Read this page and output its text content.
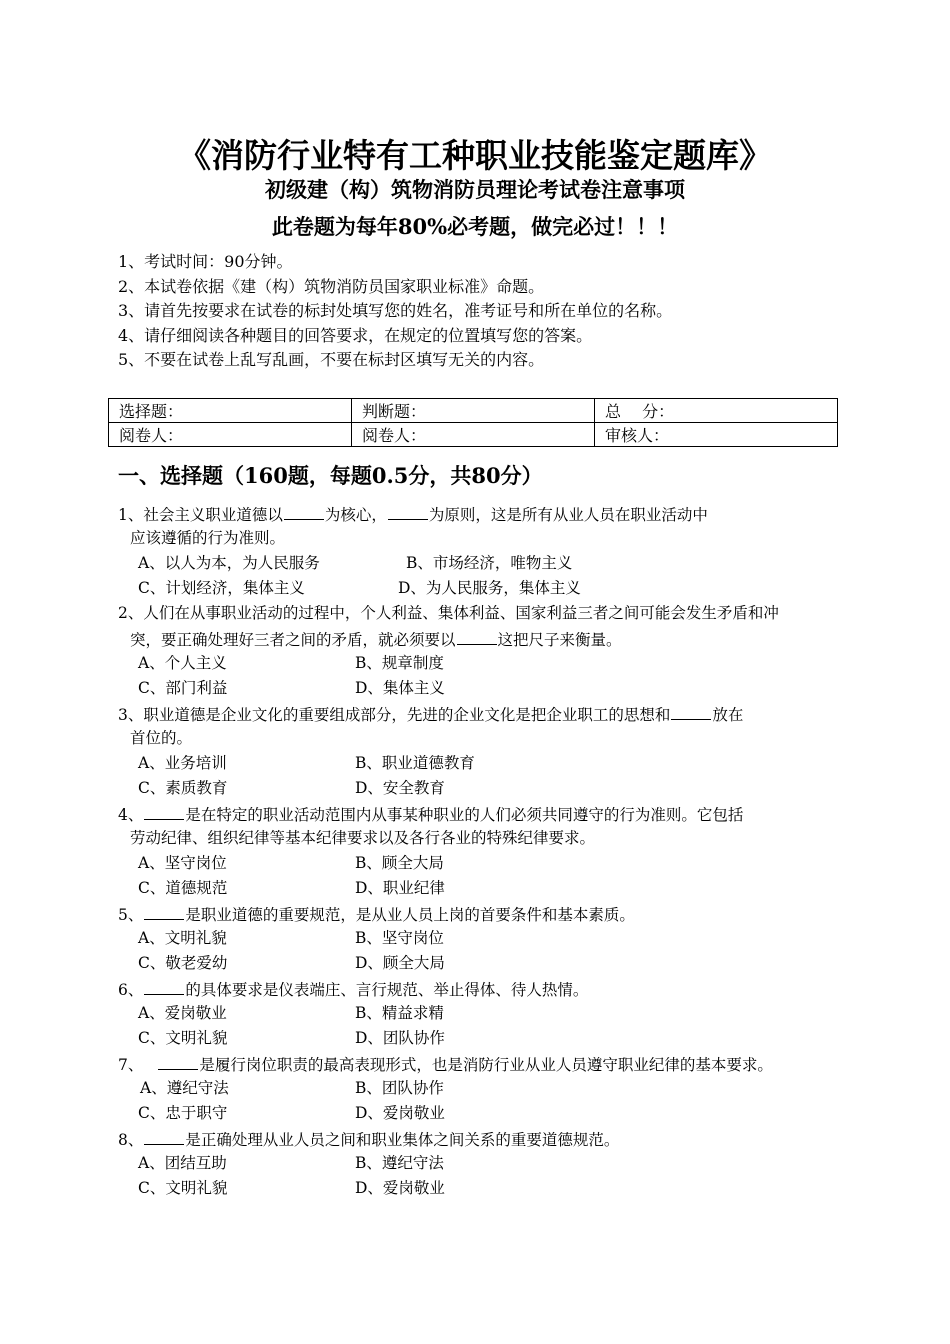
《消防行业特有工种职业技能鉴定题库》
初级建（构）筑物消防员理论考试卷注意事项
此卷题为每年80%必考题，做完必过！！！
1、考试时间：90分钟。
2、本试卷依据《建（构）筑物消防员国家职业标准》命题。
3、请首先按要求在试卷的标封处填写您的姓名，准考证号和所在单位的名称。
4、请仔细阅读各种题目的回答要求，在规定的位置填写您的答案。
5、不要在试卷上乱写乱画，不要在标封区填写无关的内容。
选择题：	判断题：	总　 分：
阅卷人：	阅卷人：	审核人：
一、选择题（160题，每题0.5分，共80分）
1、社会主义职业道德以	为核心，	为原则，这是所有从业人员在职业活动中
应该遵循的行为准则。
A、以人为本，为人民服务	B、市场经济，唯物主义
C、计划经济，集体主义	D、为人民服务，集体主义
2、人们在从事职业活动的过程中，个人利益、集体利益、国家利益三者之间可能会发生矛盾和冲
突，要正确处理好三者之间的矛盾，就必须要以	这把尺子来衡量。
A、个人主义	B、规章制度
C、部门利益	D、集体主义
3、职业道德是企业文化的重要组成部分，先进的企业文化是把企业职工的思想和	放在
首位的。
A、业务培训	B、职业道德教育
C、素质教育	D、安全教育
4、	是在特定的职业活动范围内从事某种职业的人们必须共同遵守的行为准则。它包括
劳动纪律、组织纪律等基本纪律要求以及各行各业的特殊纪律要求。
A、坚守岗位	B、顾全大局
C、道德规范	D、职业纪律
5、	是职业道德的重要规范，是从业人员上岗的首要条件和基本素质。
A、文明礼貌	B、坚守岗位
C、敬老爱幼	D、顾全大局
6、	的具体要求是仪表端庄、言行规范、举止得体、待人热情。
A、爱岗敬业	B、精益求精
C、文明礼貌	D、团队协作
7、	是履行岗位职责的最高表现形式，也是消防行业从业人员遵守职业纪律的基本要求。
A、遵纪守法	B、团队协作
C、忠于职守	D、爱岗敬业
8、	是正确处理从业人员之间和职业集体之间关系的重要道德规范。
A、团结互助	B、遵纪守法
C、文明礼貌	D、爱岗敬业
